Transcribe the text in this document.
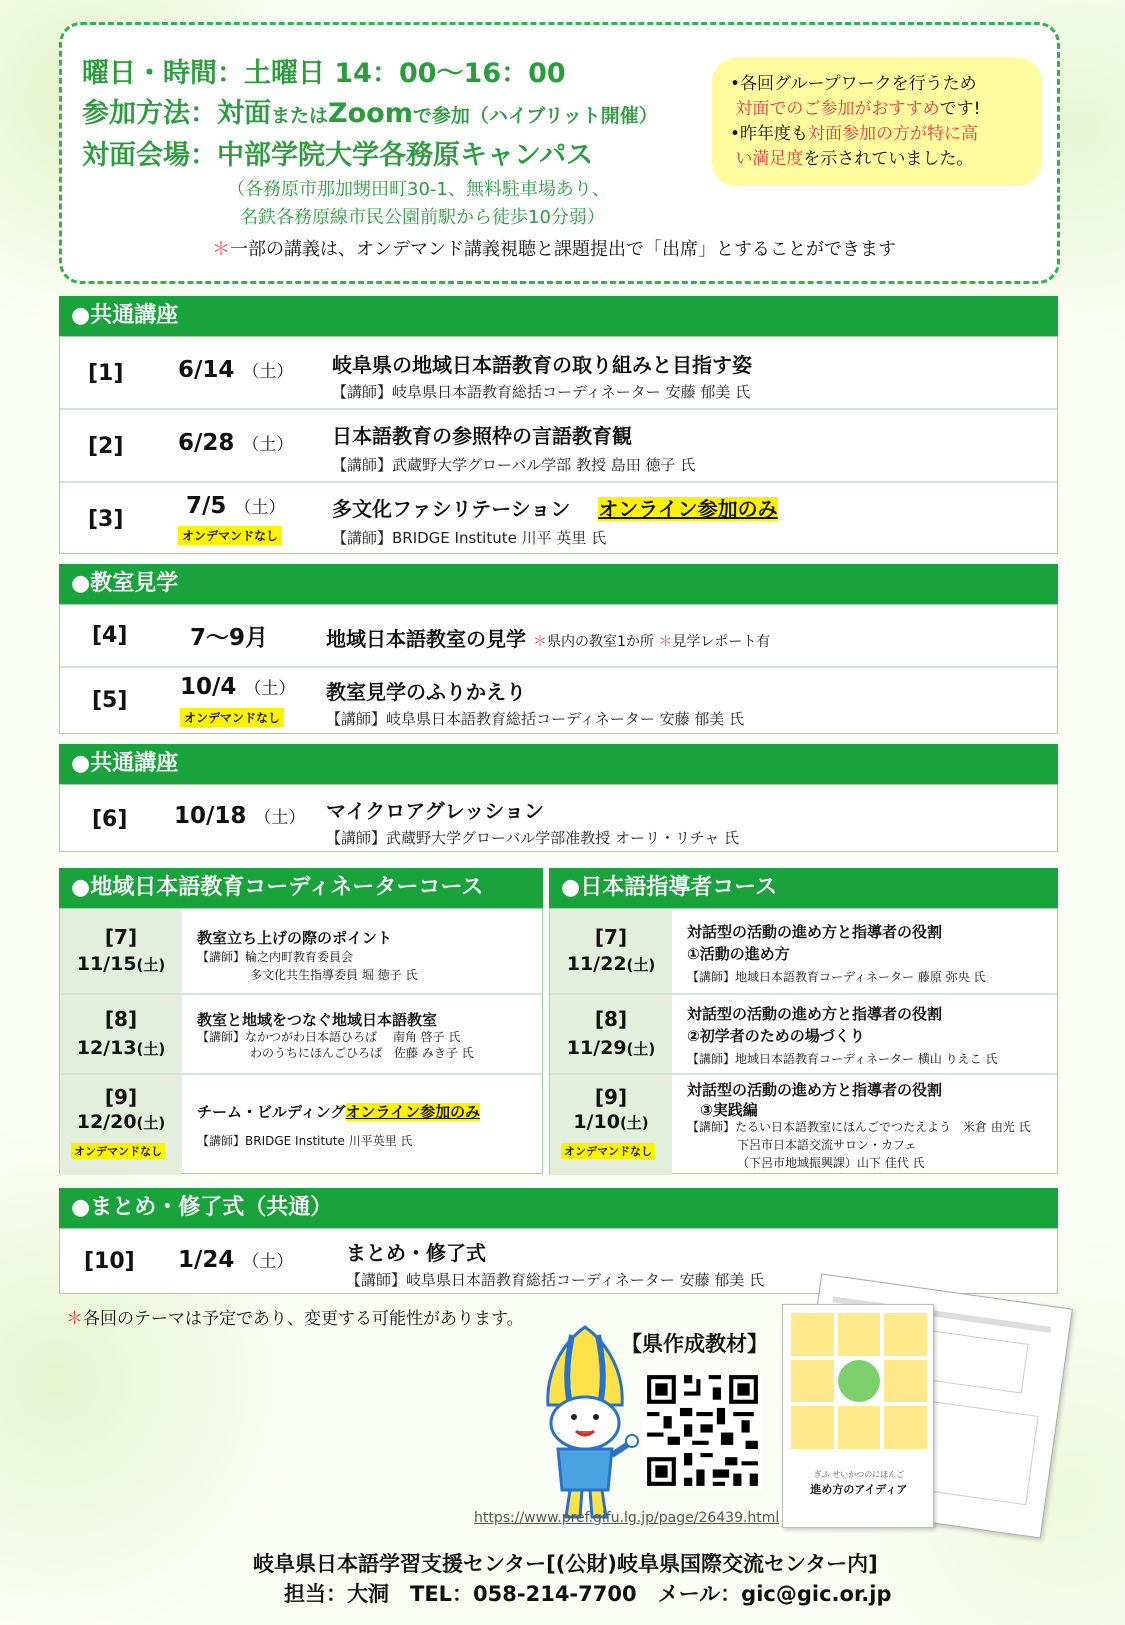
曜日・時間：土曜日 14：00～16：00
参加方法：対面またはZoomで参加（ハイブリット開催）
対面会場：中部学院大学各務原キャンパス
（各務原市那加甥田町30-1、無料駐車場あり、
名鉄各務原線市民公園前駅から徒歩10分弱）
＊一部の講義は、オンデマンド講義視聴と課題提出で「出席」とすることができます
•各回グループワークを行うため
対面でのご参加がおすすめです!
•昨年度も対面参加の方が特に高
い満足度を示されていました。
●共通講座
[1] 6/14 （土） 岐阜県の地域日本語教育の取り組みと目指す姿
【講師】岐阜県日本語教育総括コーディネーター 安藤 郁美 氏
[2] 6/28 （土） 日本語教育の参照枠の言語教育観
【講師】武蔵野大学グローバル学部 教授 島田 徳子 氏
[3]
7/5 （土）
オンデマンドなし
多文化ファシリテーション オンライン参加のみ
【講師】BRIDGE Institute 川平 英里 氏
●教室見学
[4]	7～9月	地域日本語教室の見学 ＊県内の教室1か所 ＊見学レポート有
[5]
10/4 （土）
オンデマンドなし
教室見学のふりかえり
【講師】岐阜県日本語教育総括コーディネーター 安藤 郁美 氏
●共通講座
[6] 10/18 （土） マイクロアグレッション
【講師】武蔵野大学グローバル学部准教授 オーリ・リチャ 氏
●地域日本語教育コーディネーターコース	●日本語指導者コース
[7]
11/15(土)
教室立ち上げの際のポイント
【講師】輪之内町教育委員会
多文化共生指導委員 堀 徳子 氏
[8]
12/13(土)
教室と地域をつなぐ地域日本語教室
【講師】なかつがわ日本語ひろば　 南角 啓子 氏
わのうちにほんごひろば　佐藤 みき子 氏
[9]
12/20(土)
オンデマンドなし
チーム・ビルディングオンライン参加のみ
【講師】BRIDGE Institute 川平英里 氏
[7]
11/22(土)
対話型の活動の進め方と指導者の役割
①活動の進め方
【講師】地域日本語教育コーディネーター 藤原 弥央 氏
[8]
11/29(土)
対話型の活動の進め方と指導者の役割
②初学者のための場づくり
【講師】地域日本語教育コーディネーター 横山 りえこ 氏
[9]
1/10(土)
オンデマンドなし
対話型の活動の進め方と指導者の役割
③実践編
【講師】たるい日本語教室にほんごでつたえよう　米倉 由光 氏
下呂市日本語交流サロン・カフェ
（下呂市地域振興課）山下 佳代 氏
●まとめ・修了式（共通）
[10] 1/24 （土）	まとめ・修了式
【講師】岐阜県日本語教育総括コーディネーター 安藤 郁美 氏
＊各回のテーマは予定であり、変更する可能性があります。
【県作成教材】
ぎふ せいかつのにほんご
進め方のアイディア
https://www.pref.gifu.lg.jp/page/26439.html
岐阜県日本語学習支援センター[(公財)岐阜県国際交流センター内]
担当：大洞　TEL：058-214-7700　メール：gic@gic.or.jp
